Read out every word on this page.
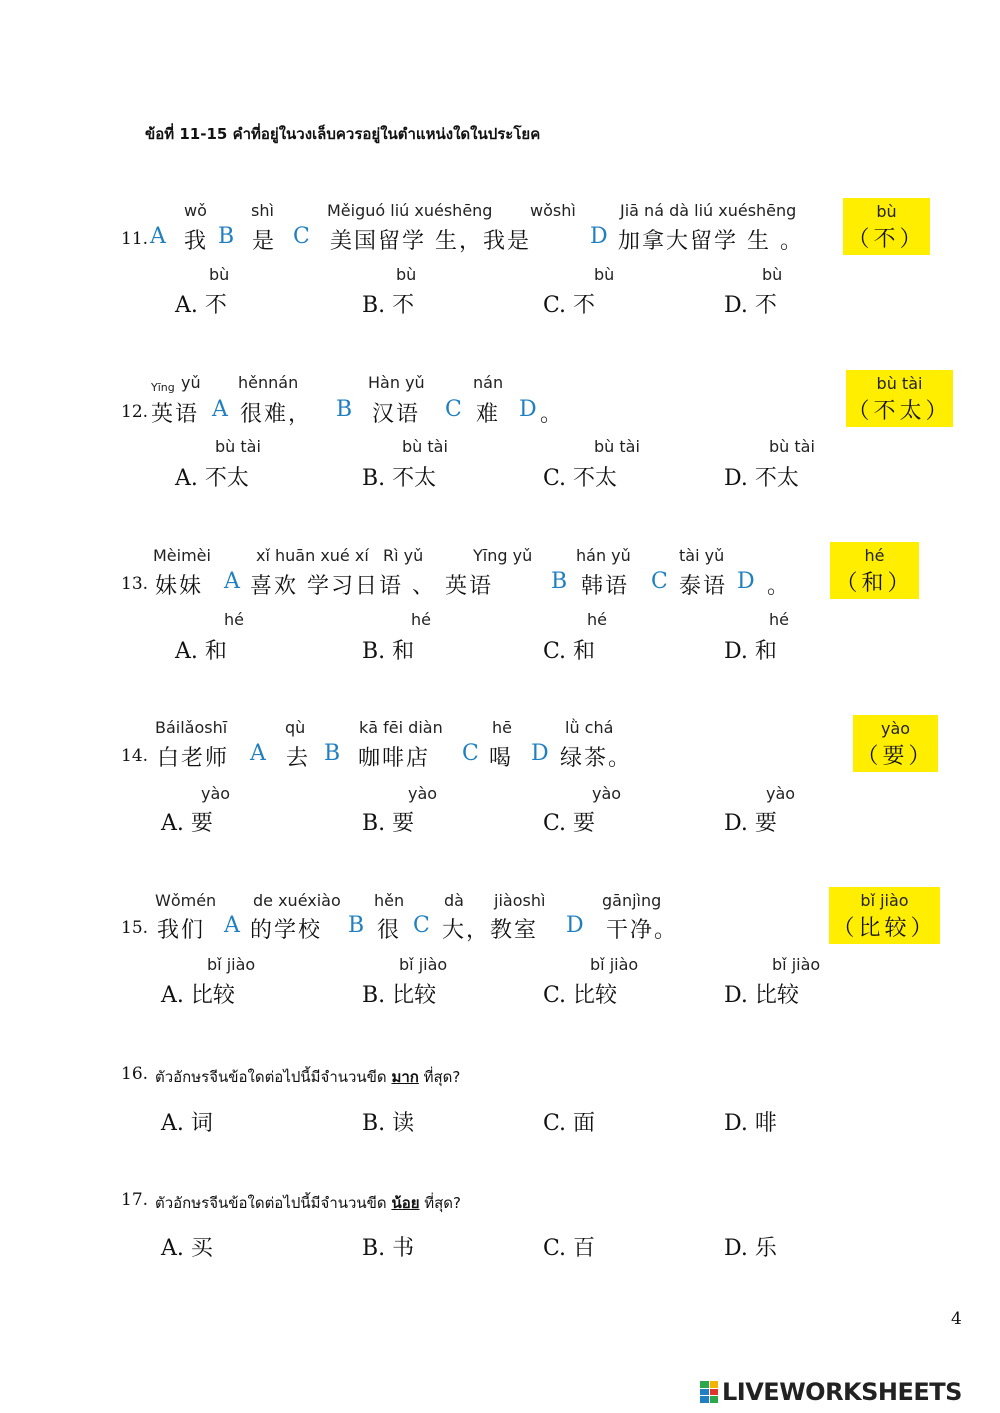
ข้อที่ 11-15 คำที่อยู่ในวงเล็บควรอยู่ในตำแหน่งใดในประโยค
wǒ	shì	Měiguó liú xuéshēng wǒshì	Jiā ná dà liú xuéshēng
11. A 我 B 是 C 美国留学 生，我是	D 加拿大留学 生 。
bù
（不）
bù	bù	bù	bù
A. 不	B. 不	C. 不	D. 不
Yīng yǔ hěnnán	Hàn yǔ	nán
12. 英语 A 很难， B 汉语 C 难 D 。
bù tài
（不太）
bù tài	bù tài	bù tài	bù tài
A. 不太	B. 不太	C. 不太	D. 不太
Mèimèi	xǐ huān xué xí Rì yǔ	Yīng yǔ	hán yǔ	tài yǔ
13. 妹妹 A 喜欢 学习日语 、 英语	B 韩语 C 泰语 D 。
hé
（和）
hé	hé	hé	hé
A. 和	B. 和	C. 和	D. 和
Báilǎoshī	qù	kā fēi diàn	hē	lǜ chá
14. 白老师 A 去 B 咖啡店 C 喝 D 绿茶。
yào
（要）
yào	yào	yào	yào
A. 要	B. 要	C. 要	D. 要
Wǒmén de xuéxiào hěn dà jiàoshì	gānjìng
15. 我们 A 的学校 B 很 C 大，教室 D 干净。
bǐ jiào
（比较）
bǐ jiào	bǐ jiào	bǐ jiào	bǐ jiào
A. 比较	B. 比较	C. 比较	D. 比较
16. ตัวอักษรจีนข้อใดต่อไปนี้มีจำนวนขีด มาก ที่สุด?
A. 词	B. 读	C. 面	D. 啡
17. ตัวอักษรจีนข้อใดต่อไปนี้มีจำนวนขีด น้อย ที่สุด?
A. 买	B. 书	C. 百	D. 乐
4
LIVEWORKSHEETS
